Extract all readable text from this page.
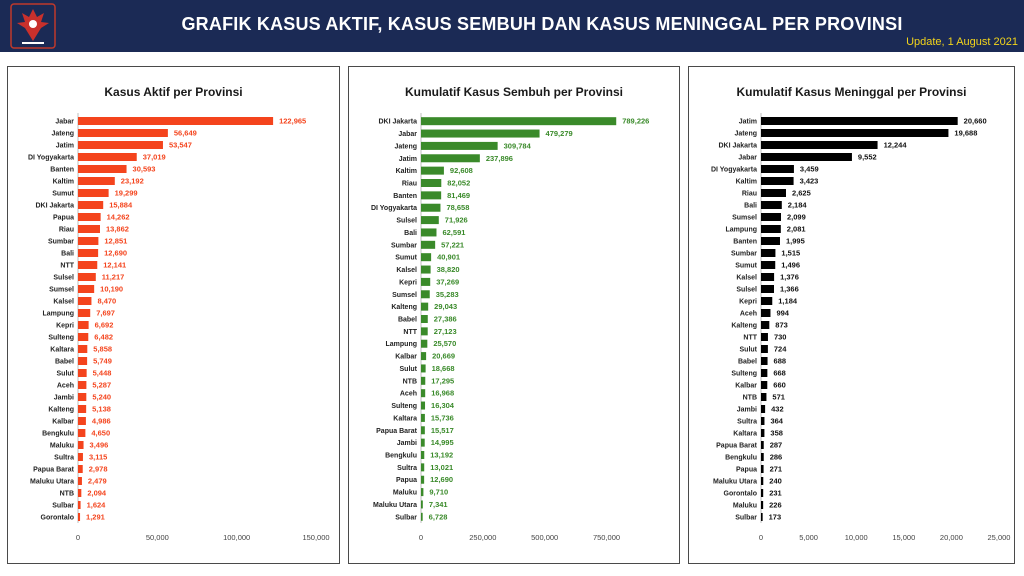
GRAFIK KASUS AKTIF, KASUS SEMBUH DAN KASUS MENINGGAL PER PROVINSI
Update, 1 August 2021
Kasus Aktif per Provinsi
Jabar	122,965
Jateng	56,649
Jatim	53,547
DI Yogyakarta	37,019
Banten	30,593
Kaltim	23,192
Sumut	19,299
DKI Jakarta	15,884
Papua	14,262
Riau	13,862
Sumbar	12,851
Bali	12,690
NTT	12,141
Sulsel	11,217
Sumsel	10,190
Kalsel	8,470
Lampung	7,697
Kepri	6,692
Sulteng	6,482
Kaltara	5,858
Babel	5,749
Sulut 5,448
Aceh 5,287
Jambi 5,240
Kalteng 5,138
Kalbar 4,986
Bengkulu 4,650
Maluku 3,496
Sultra 3,115
Papua Barat 2,978
Maluku Utara 2,479
NTB 2,094
Sulbar 1,624
Gorontalo 1,291
0	50,000	100,000	150,000
Kumulatif Kasus Sembuh per Provinsi
DKI Jakarta	789,226
Jabar	479,279
Jateng	309,784
Jatim	237,896
Kaltim	92,608
Riau	82,052
Banten	81,469
DI Yogyakarta	78,658
Sulsel	71,926
Bali	62,591
Sumbar	57,221
Sumut	40,901
Kalsel	38,820
Kepri	37,269
Sumsel 35,283
Kalteng 29,043
Babel 27,386
NTT 27,123
Lampung 25,570
Kalbar 20,669
Sulut 18,668
NTB 17,295
Aceh 16,968
Sulteng 16,304
Kaltara 15,736
Papua Barat 15,517
Jambi 14,995
Bengkulu 13,192
Sultra 13,021
Papua 12,690
Maluku 9,710
Maluku Utara 7,341
Sulbar 6,728
0	250,000	500,000	750,000
Kumulatif Kasus Meninggal per Provinsi
Jatim	20,660
Jateng	19,688
DKI Jakarta	12,244
Jabar	9,552
DI Yogyakarta	3,459
Kaltim	3,423
Riau	2,625
Bali	2,184
Sumsel	2,099
Lampung	2,081
Banten	1,995
Sumbar	1,515
Sumut	1,496
Kalsel	1,376
Sulsel	1,366
Kepri	1,184
Aceh	994
Kalteng 873
NTT 730
Sulut 724
Babel 688
Sulteng 668
Kalbar 660
NTB 571
Jambi 432
Sultra 364
Kaltara 358
Papua Barat 287
Bengkulu 286
Papua 271
Maluku Utara 240
Gorontalo 231
Maluku 226
Sulbar 173
0	5,000	10,000	15,000	20,000	25,000
